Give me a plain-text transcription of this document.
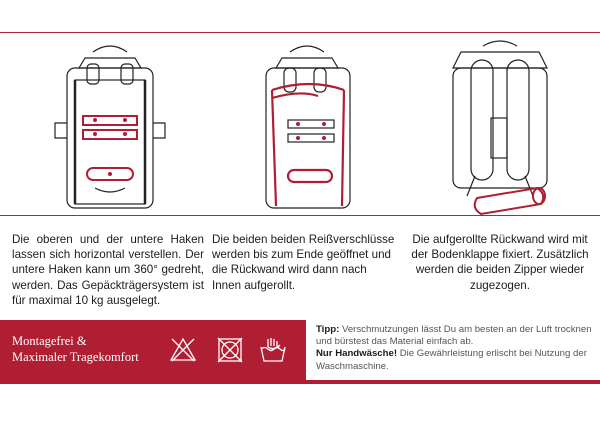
Die oberen und der untere Haken lassen sich horizontal verstellen. Der untere Haken kann um 360° gedreht, werden. Das Gepäckträgersystem ist für maximal 10 kg ausgelegt.

Die beiden beiden Reißverschlüsse werden bis zum Ende geöffnet und die Rückwand wird dann nach Innen aufgerollt.

Die aufgerollte Rückwand wird mit der Bodenklappe fixiert. Zusätzlich werden die beiden Zipper wieder zugezogen.

Montagefrei &
Maximaler Tragekomfort
Tipp: Verschmutzungen lässt Du am besten an der Luft trocknen und bürstest das Material einfach ab.
Nur Handwäsche! Die Gewährleistung erlischt bei Nutzung der Waschmaschine.
